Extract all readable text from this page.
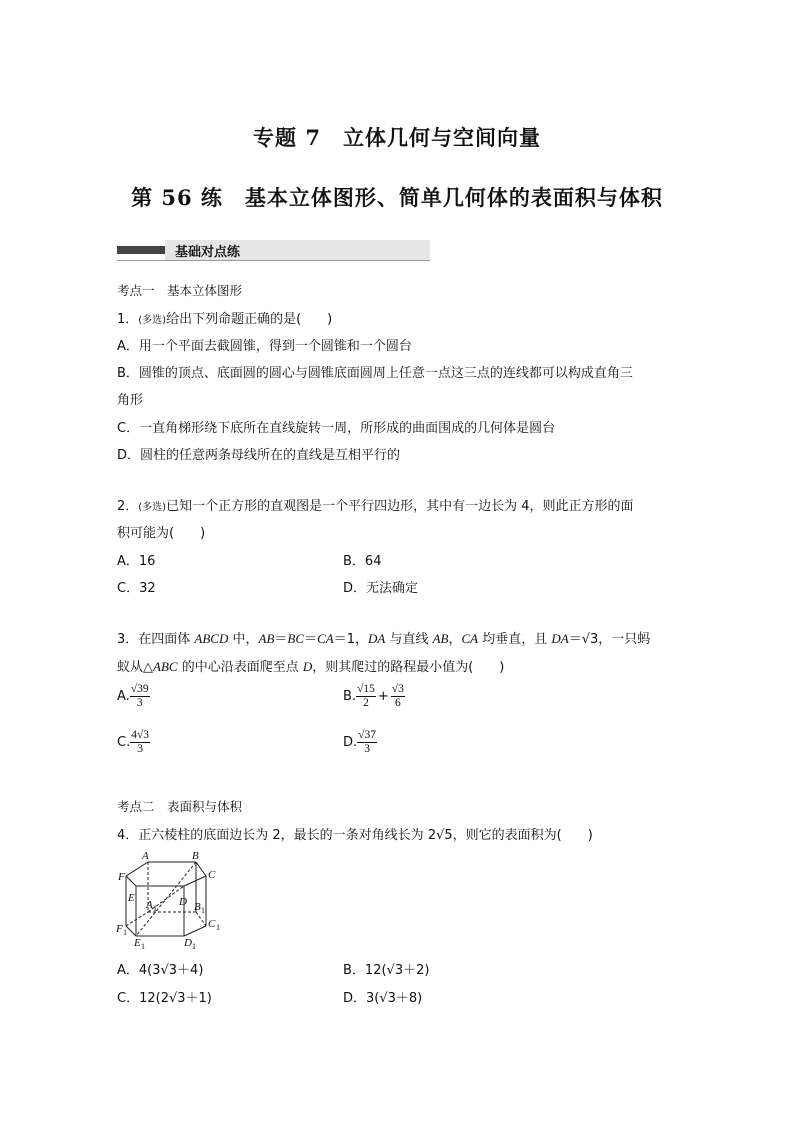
专题 7　立体几何与空间向量
第 56 练　基本立体图形、简单几何体的表面积与体积
基础对点练
考点一　基本立体图形
1．(多选)给出下列命题正确的是(　　)
A．用一个平面去截圆锥，得到一个圆锥和一个圆台
B．圆锥的顶点、底面圆的圆心与圆锥底面圆周上任意一点这三点的连线都可以构成直角三
角形
C．一直角梯形绕下底所在直线旋转一周，所形成的曲面围成的几何体是圆台
D．圆柱的任意两条母线所在的直线是互相平行的
2．(多选)已知一个正方形的直观图是一个平行四边形，其中有一边长为 4，则此正方形的面
积可能为(　　)
A．16	B．64
C．32	D．无法确定
3．在四面体 ABCD 中，AB＝BC＝CA＝1，DA 与直线 AB，CA 均垂直，且 DA＝√3，一只蚂
蚁从△ABC 的中心沿表面爬至点 D，则其爬过的路程最小值为(　　)
A. $\frac{√39}{3}$	B. $\frac{√15}{2} + \frac{√3}{6}$
C. $\frac{4√3}{3}$	D. $\frac{√37}{3}$
考点二　表面积与体积
4．正六棱柱的底面边长为 2，最长的一条对角线长为 2√5，则它的表面积为(　　)
A	B
C
D
E
F
A 1	B 1
C 1
D 1
E 1
F 1
A．4(3√3＋4)	B．12(√3＋2)
C．12(2√3＋1)	D．3(√3＋8)
